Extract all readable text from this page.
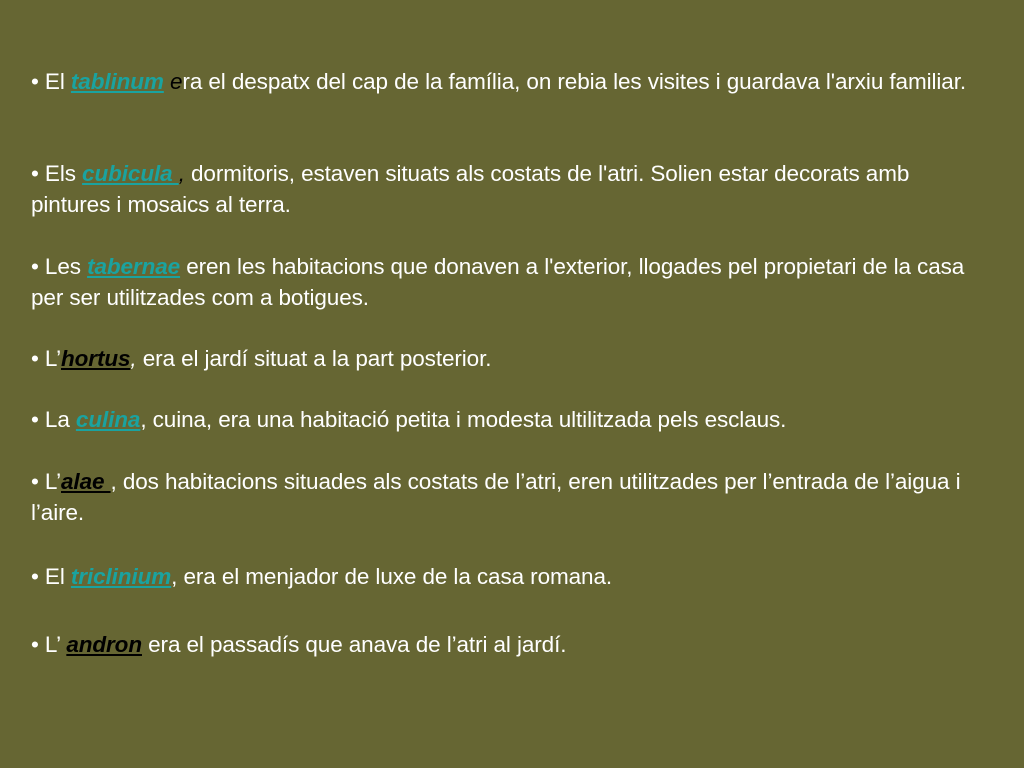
• El tablinum era el despatx del cap de la família, on rebia les visites i guardava l'arxiu familiar.
• Els cubicula , dormitoris, estaven situats als costats de l'atri. Solien estar decorats amb pintures i mosaics al terra.
• Les tabernae eren les habitacions que donaven a l'exterior, llogades pel propietari de la casa per ser utilitzades com a botigues.
• L’hortus, era el jardí situat a la part posterior.
• La culina, cuina, era una habitació petita i modesta ultilitzada pels esclaus.
• L’alae , dos habitacions situades als costats de l’atri, eren utilitzades per l’entrada de l’aigua i l’aire.
• El triclinium, era el menjador de luxe de la casa romana.
• L’ andron era el passadís que anava de l’atri al jardí.
